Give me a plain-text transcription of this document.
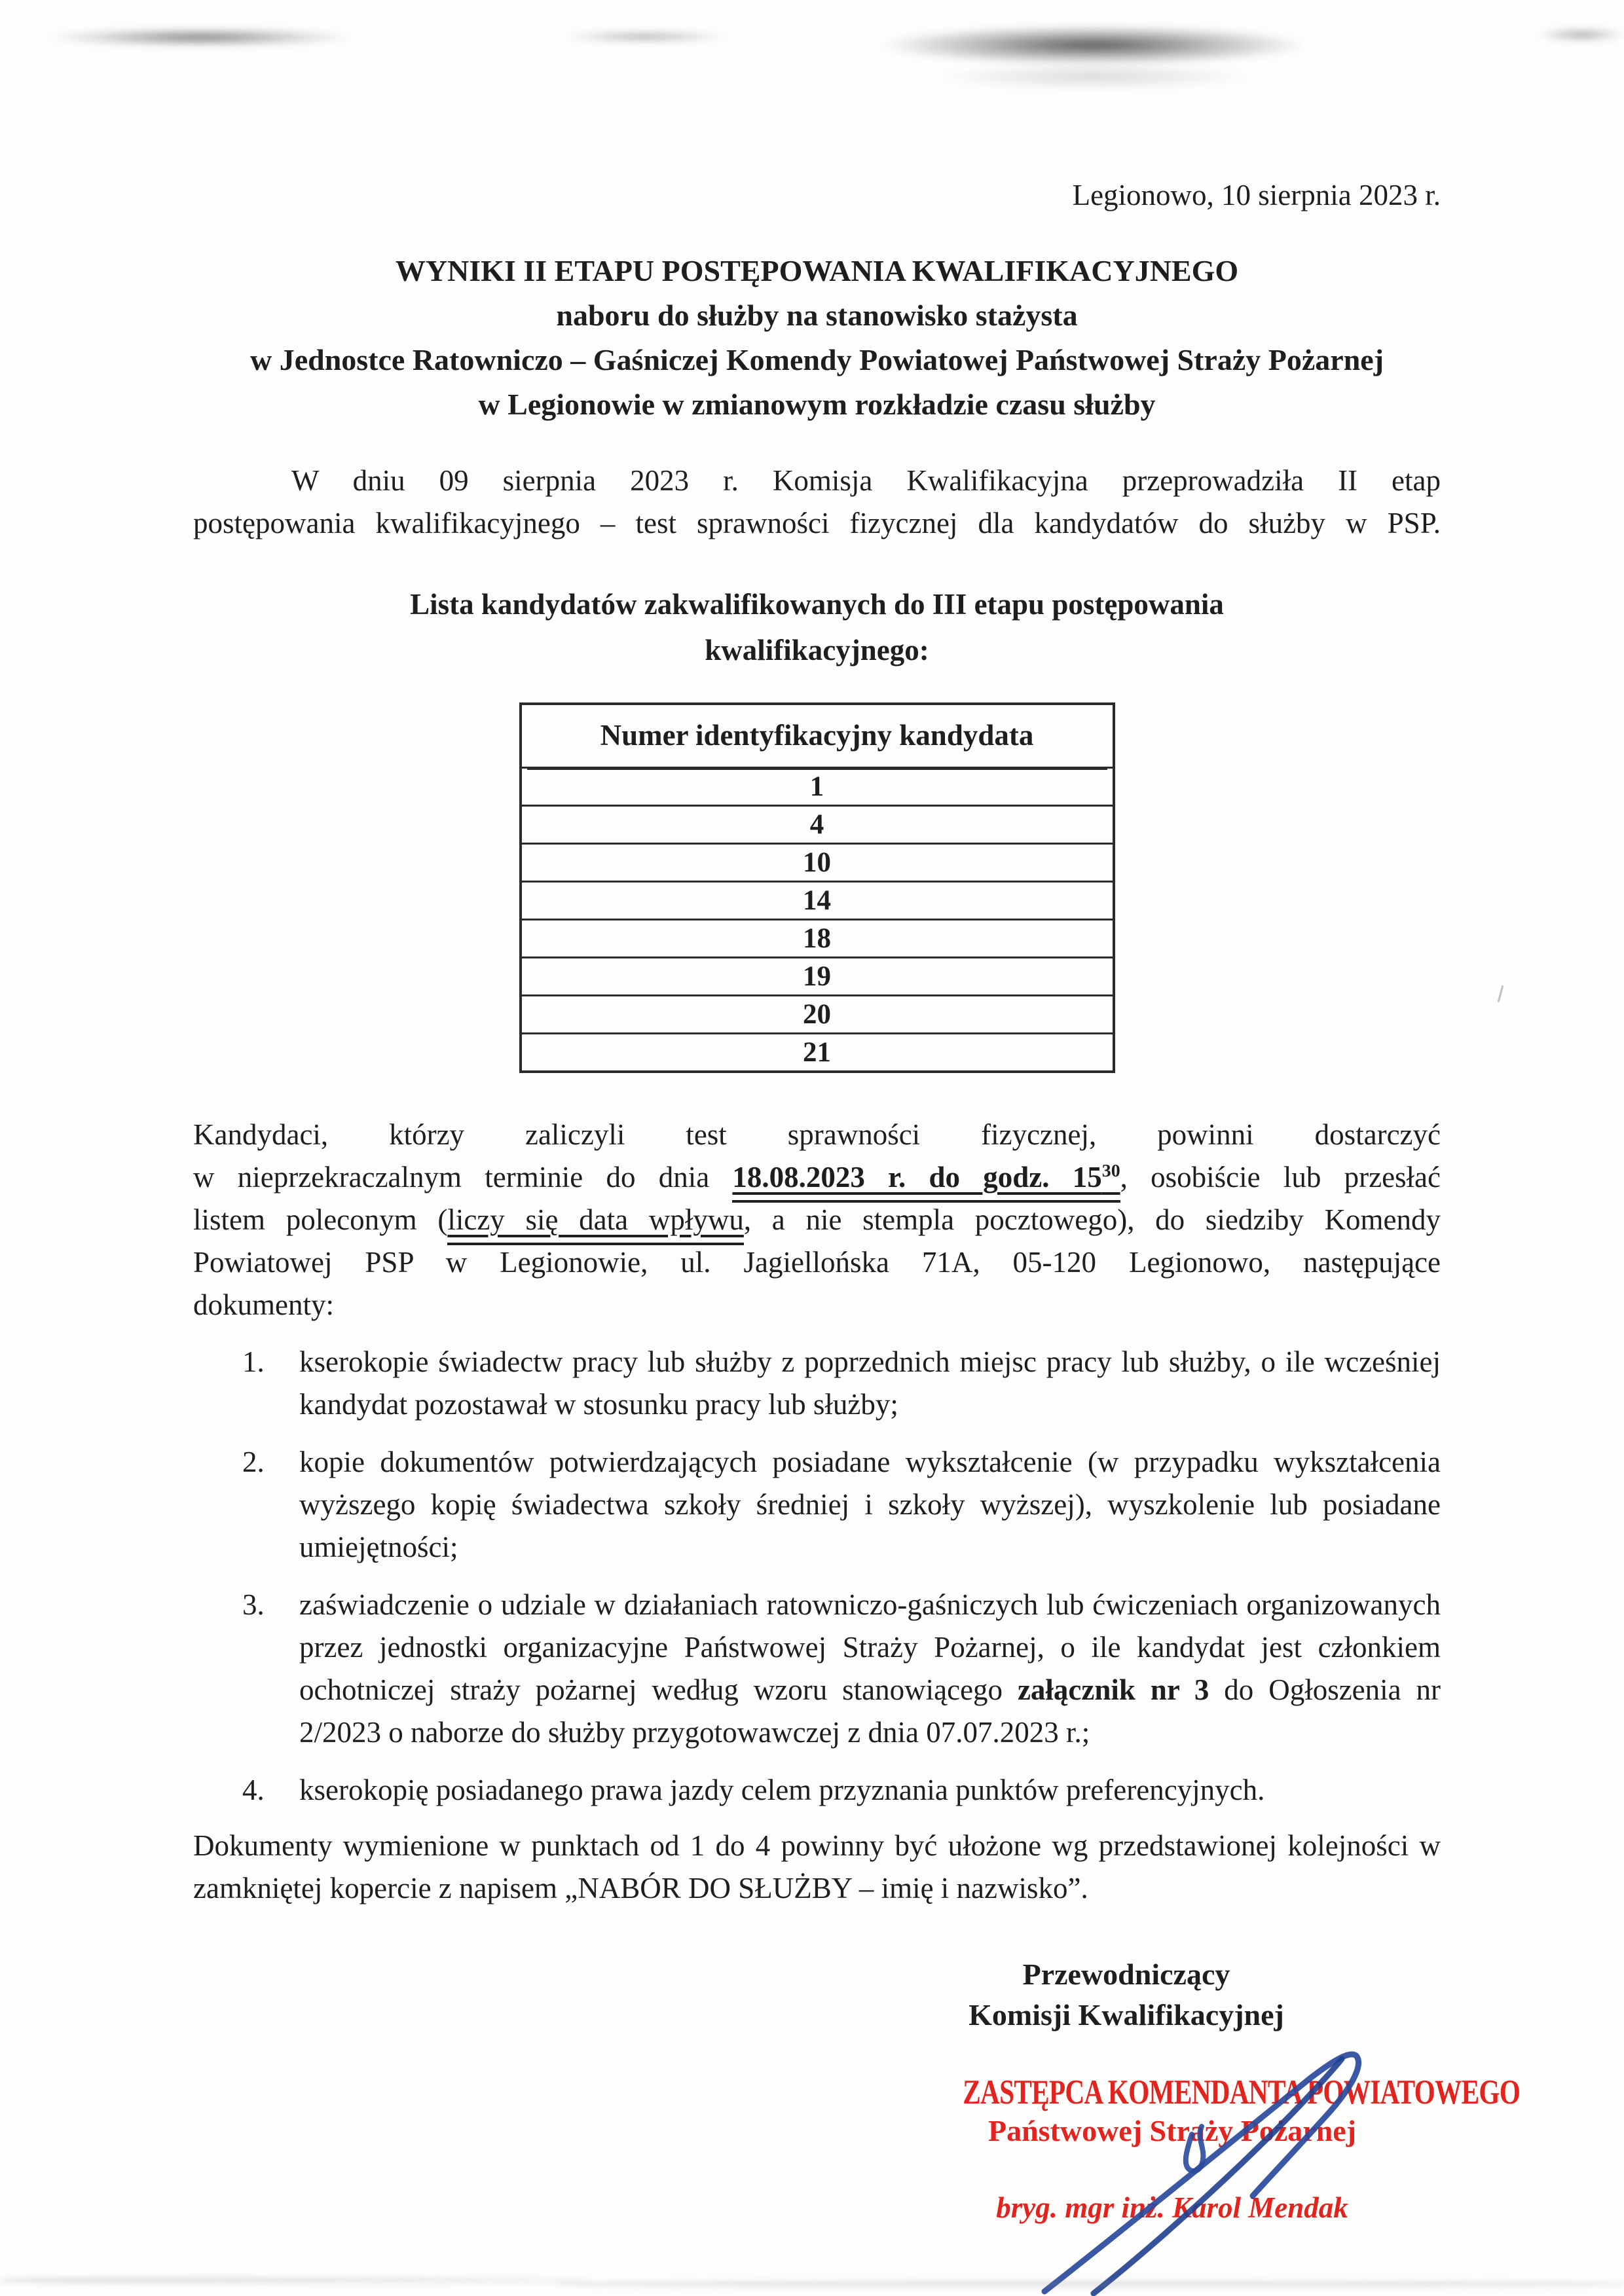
Legionowo, 10 sierpnia 2023 r.
WYNIKI II ETAPU POSTĘPOWANIA KWALIFIKACYJNEGO
naboru do służby na stanowisko stażysta
w Jednostce Ratowniczo – Gaśniczej Komendy Powiatowej Państwowej Straży Pożarnej
w Legionowie w zmianowym rozkładzie czasu służby
W dniu 09 sierpnia 2023 r. Komisja Kwalifikacyjna przeprowadziła II etap
postępowania kwalifikacyjnego – test sprawności fizycznej dla kandydatów do służby w PSP.
Lista kandydatów zakwalifikowanych do III etapu postępowania
kwalifikacyjnego:
Numer identyfikacyjny kandydata
1
4
10
14
18
19
20
21
Kandydaci, którzy zaliczyli test sprawności fizycznej, powinni dostarczyć
w nieprzekraczalnym terminie do dnia 18.08.2023 r. do godz. $15^{30}$, osobiście lub przesłać
listem poleconym (liczy się data wpływu, a nie stempla pocztowego), do siedziby Komendy
Powiatowej PSP w Legionowie, ul. Jagiellońska 71A, 05-120 Legionowo, następujące
dokumenty:
1. kserokopie świadectw pracy lub służby z poprzednich miejsc pracy lub służby, o ile wcześniej kandydat pozostawał w stosunku pracy lub służby;
2. kopie dokumentów potwierdzających posiadane wykształcenie (w przypadku wykształcenia wyższego kopię świadectwa szkoły średniej i szkoły wyższej), wyszkolenie lub posiadane umiejętności;
3. zaświadczenie o udziale w działaniach ratowniczo-gaśniczych lub ćwiczeniach organizowanych przez jednostki organizacyjne Państwowej Straży Pożarnej, o ile kandydat jest członkiem ochotniczej straży pożarnej według wzoru stanowiącego załącznik nr 3 do Ogłoszenia nr 2/2023 o naborze do służby przygotowawczej z dnia 07.07.2023 r.;
4. kserokopię posiadanego prawa jazdy celem przyznania punktów preferencyjnych.
Dokumenty wymienione w punktach od 1 do 4 powinny być ułożone wg przedstawionej kolejności w zamkniętej kopercie z napisem „NABÓR DO SŁUŻBY – imię i nazwisko”.
Przewodniczący
Komisji Kwalifikacyjnej
ZASTĘPCA KOMENDANTA POWIATOWEGO
Państwowej Straży Pożarnej
bryg. mgr inż. Karol Mendak
